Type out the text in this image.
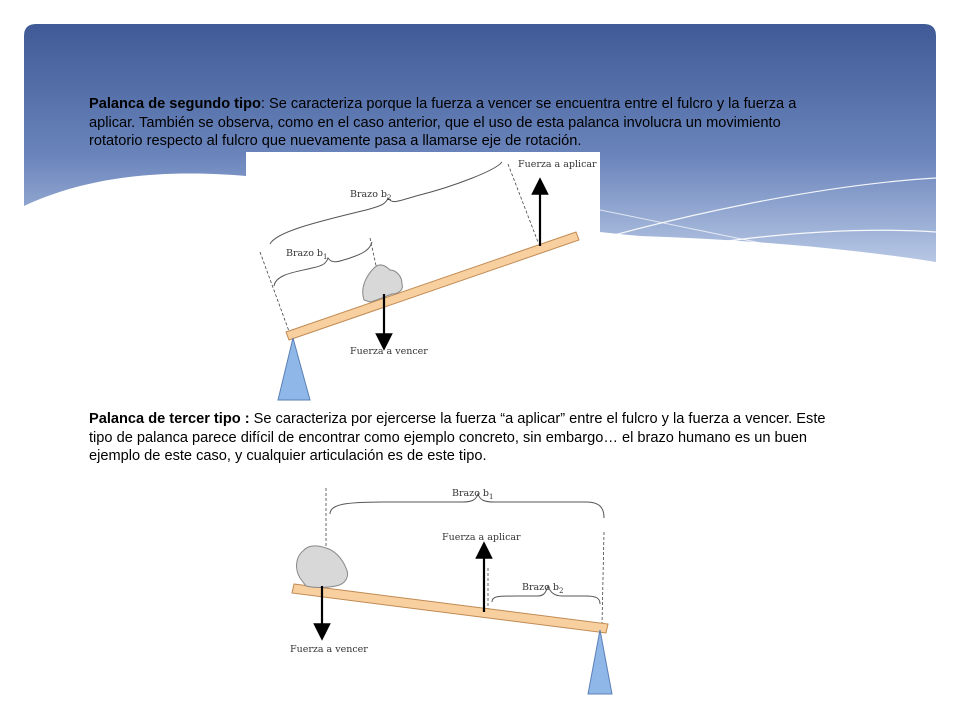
Palanca de segundo tipo: Se caracteriza porque la fuerza a vencer se encuentra entre el fulcro y la fuerza a aplicar. También se observa, como en el caso anterior, que el uso de esta palanca involucra un movimiento rotatorio respecto al fulcro que nuevamente pasa a llamarse eje de rotación.

Brazo $b_2$
Brazo $b_1$
Fuerza a aplicar
Fuerza a vencer

Palanca de tercer tipo : Se caracteriza por ejercerse la fuerza “a aplicar” entre el fulcro y la fuerza a vencer. Este tipo de palanca parece difícil de encontrar como ejemplo concreto, sin embargo… el brazo humano es un buen ejemplo de este caso, y cualquier articulación es de este tipo.

Brazo $b_1$
Brazo $b_2$
Fuerza a aplicar
Fuerza a vencer
